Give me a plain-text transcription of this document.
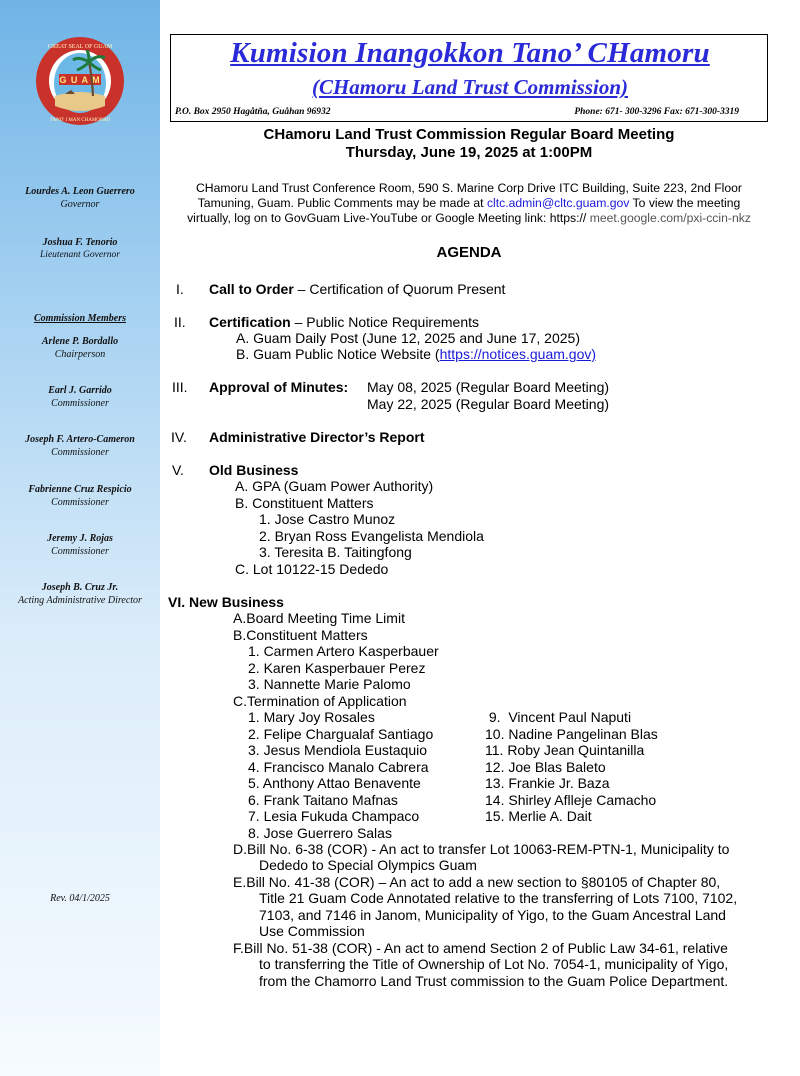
G U A M
GREAT SEAL OF GUAM
TANO' I MAN CHAMORRO
Lourdes A. Leon Guerrero
Governor
Joshua F. Tenorio
Lieutenant Governor
Commission Members
Arlene P. Bordallo
Chairperson
Earl J. Garrido
Commissioner
Joseph F. Artero-Cameron
Commissioner
Fabrienne Cruz Respicio
Commissioner
Jeremy J. Rojas
Commissioner
Joseph B. Cruz Jr.
Acting Administrative Director
Rev. 04/1/2025
Kumision Inangokkon Tano’ CHamoru
(CHamoru Land Trust Commission)
P.O. Box 2950 Hagåtña, Guåhan 96932	Phone: 671- 300-3296 Fax: 671-300-3319
CHamoru Land Trust Commission Regular Board Meeting
Thursday, June 19, 2025 at 1:00PM
CHamoru Land Trust Conference Room, 590 S. Marine Corp Drive ITC Building, Suite 223, 2nd Floor
Tamuning, Guam. Public Comments may be made at cltc.admin@cltc.guam.gov To view the meeting
virtually, log on to GovGuam Live-YouTube or Google Meeting link: https:// meet.google.com/pxi-ccin-nkz
AGENDA
I. Call to Order – Certification of Quorum Present
II. Certification – Public Notice Requirements
A. Guam Daily Post (June 12, 2025 and June 17, 2025)
B. Guam Public Notice Website (https://notices.guam.gov)
III. Approval of Minutes: May 08, 2025 (Regular Board Meeting)
May 22, 2025 (Regular Board Meeting)
IV. Administrative Director’s Report
V. Old Business
A. GPA (Guam Power Authority)
B. Constituent Matters
1. Jose Castro Munoz
2. Bryan Ross Evangelista Mendiola
3. Teresita B. Taitingfong
C. Lot 10122-15 Dededo
VI. New Business
A.Board Meeting Time Limit
B.Constituent Matters
1. Carmen Artero Kasperbauer
2. Karen Kasperbauer Perez
3. Nannette Marie Palomo
C.Termination of Application
1. Mary Joy Rosales
2. Felipe Chargualaf Santiago
3. Jesus Mendiola Eustaquio
4. Francisco Manalo Cabrera
5. Anthony Attao Benavente
6. Frank Taitano Mafnas
7. Lesia Fukuda Champaco
8. Jose Guerrero Salas
9.  Vincent Paul Naputi
10. Nadine Pangelinan Blas
11. Roby Jean Quintanilla
12. Joe Blas Baleto
13. Frankie Jr. Baza
14. Shirley Aflleje Camacho
15. Merlie A. Dait
D.Bill No. 6-38 (COR) - An act to transfer Lot 10063-REM-PTN-1, Municipality to
Dededo to Special Olympics Guam
E.Bill No. 41-38 (COR) – An act to add a new section to §80105 of Chapter 80,
Title 21 Guam Code Annotated relative to the transferring of Lots 7100, 7102,
7103, and 7146 in Janom, Municipality of Yigo, to the Guam Ancestral Land
Use Commission
F.Bill No. 51-38 (COR) - An act to amend Section 2 of Public Law 34-61, relative
to transferring the Title of Ownership of Lot No. 7054-1, municipality of Yigo,
from the Chamorro Land Trust commission to the Guam Police Department.
